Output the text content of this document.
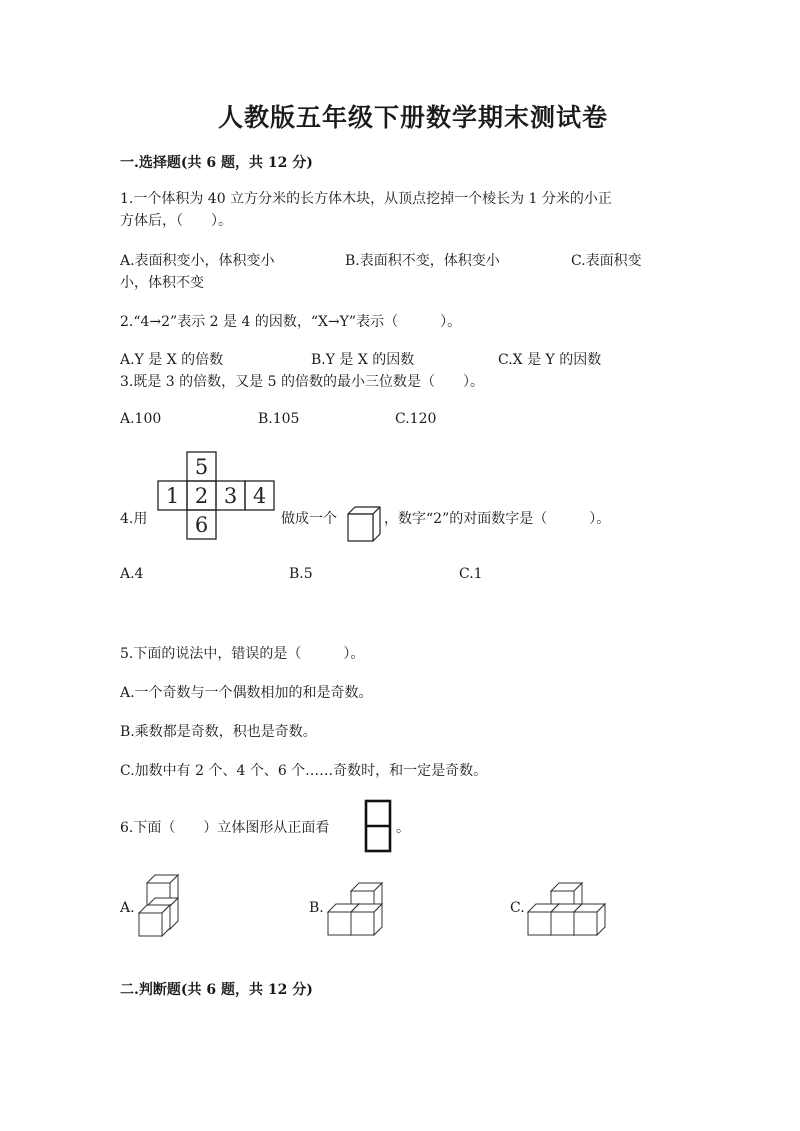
人教版五年级下册数学期末测试卷
一.选择题(共 6 题，共 12 分)
1.一个体积为 40 立方分米的长方体木块，从顶点挖掉一个棱长为 1 分米的小正
方体后，（　　）。
A.表面积变小，体积变小	B.表面积不变，体积变小	C.表面积变
小，体积不变
2.“4→2”表示 2 是 4 的因数，“X→Y”表示（　　　）。
A.Y 是 X 的倍数	B.Y 是 X 的因数	C.X 是 Y 的因数
3.既是 3 的倍数，又是 5 的倍数的最小三位数是（　　）。
A.100	B.105	C.120
4.用
5
1 2 3 4
6	做成一个	，数字“2”的对面数字是（　　　）。
A.4	B.5	C.1
5.下面的说法中，错误的是（　　　）。
A.一个奇数与一个偶数相加的和是奇数。
B.乘数都是奇数，积也是奇数。
C.加数中有 2 个、4 个、6 个……奇数时，和一定是奇数。
6.下面（　　）立体图形从正面看	。
A.	B.	C.
二.判断题(共 6 题，共 12 分)
